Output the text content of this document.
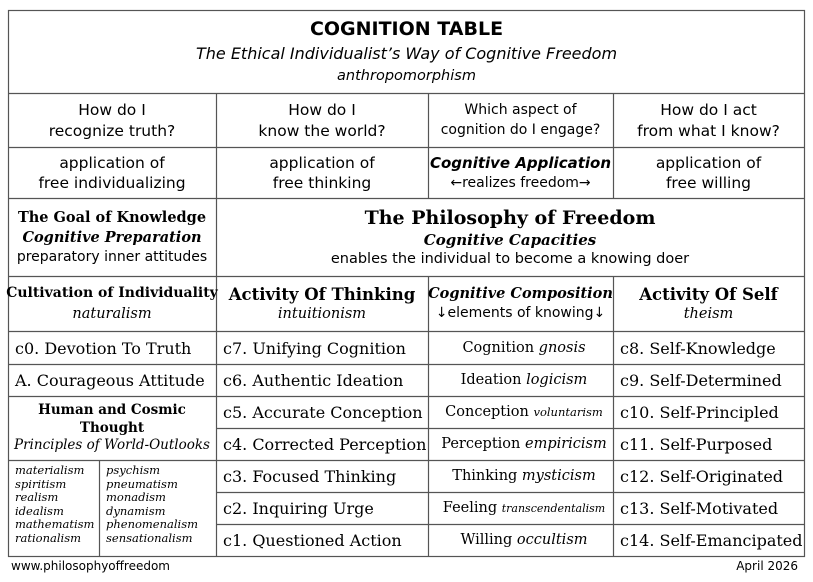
COGNITION TABLE
The Ethical Individualist’s Way of Cognitive Freedom
anthropomorphism
How do I
recognize truth?
How do I
know the world?
Which aspect of
cognition do I engage?
How do I act
from what I know?
application of
free individualizing
application of
free thinking
Cognitive Application
←realizes freedom→
application of
free willing
The Goal of Knowledge
Cognitive Preparation
preparatory inner attitudes
The Philosophy of Freedom
Cognitive Capacities
enables the individual to become a knowing doer
Cultivation of Individuality
naturalism
Activity Of Thinking
intuitionism
Cognitive Composition
↓elements of knowing↓
Activity Of Self
theism
c0. Devotion To Truth
A. Courageous Attitude
Human and Cosmic
Thought
Principles of World-Outlooks
materialism
spiritism
realism
idealism
mathematism
rationalism
psychism
pneumatism
monadism
dynamism
phenomenalism
sensationalism
c7. Unifying Cognition
c6. Authentic Ideation
c5. Accurate Conception
c4. Corrected Perception
c3. Focused Thinking
c2. Inquiring Urge
c1. Questioned Action
Cognition gnosis
Ideation logicism
Conception voluntarism
Perception empiricism
Thinking mysticism
Feeling transcendentalism
Willing occultism
c8. Self-Knowledge
c9. Self-Determined
c10. Self-Principled
c11. Self-Purposed
c12. Self-Originated
c13. Self-Motivated
c14. Self-Emancipated
www.philosophyoffreedom	April 2026
